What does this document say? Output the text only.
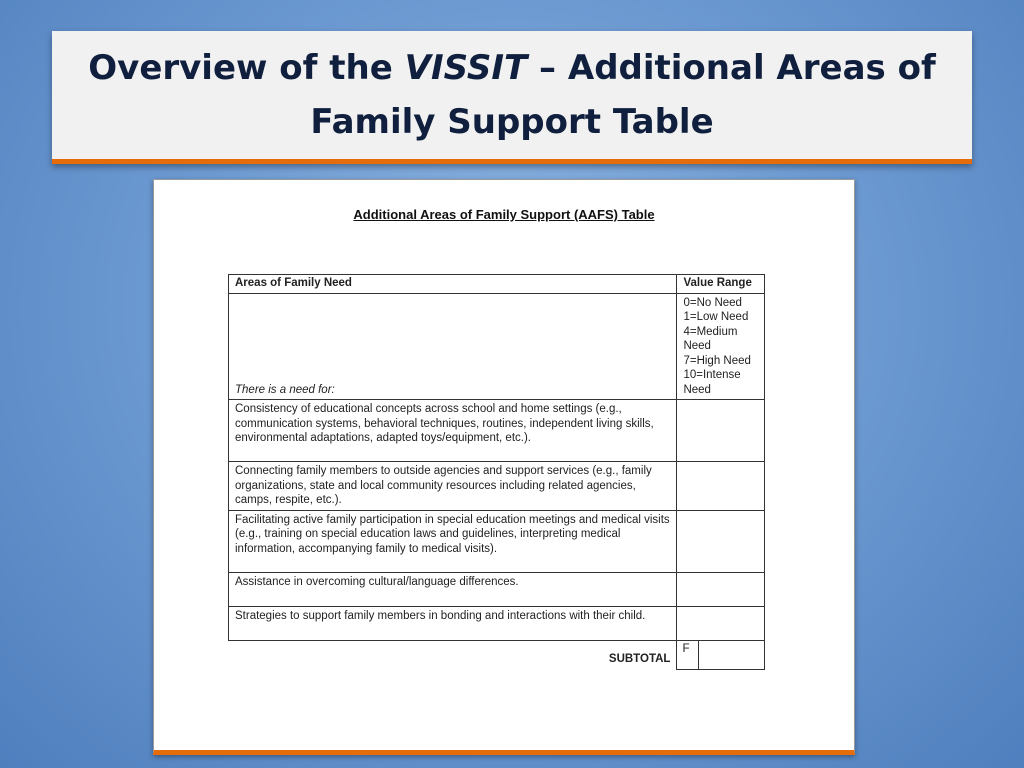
Overview of the VISSIT – Additional Areas of
Family Support Table
Additional Areas of Family Support (AAFS) Table
Areas of Family Need	Value Range
There is a need for:	0=No Need
1=Low Need
4=Medium Need
7=High Need
10=Intense Need

Consistency of educational concepts across school and home settings (e.g., communication systems, behavioral techniques, routines, independent living skills, environmental adaptations, adapted toys/equipment, etc.).	
Connecting family members to outside agencies and support services (e.g., family organizations, state and local community resources including related agencies, camps, respite, etc.).	
Facilitating active family participation in special education meetings and medical visits (e.g., training on special education laws and guidelines, interpreting medical information, accompanying family to medical visits).	
Assistance in overcoming cultural/language differences.	
Strategies to support family members in bonding and interactions with their child.	
SUBTOTAL	F
